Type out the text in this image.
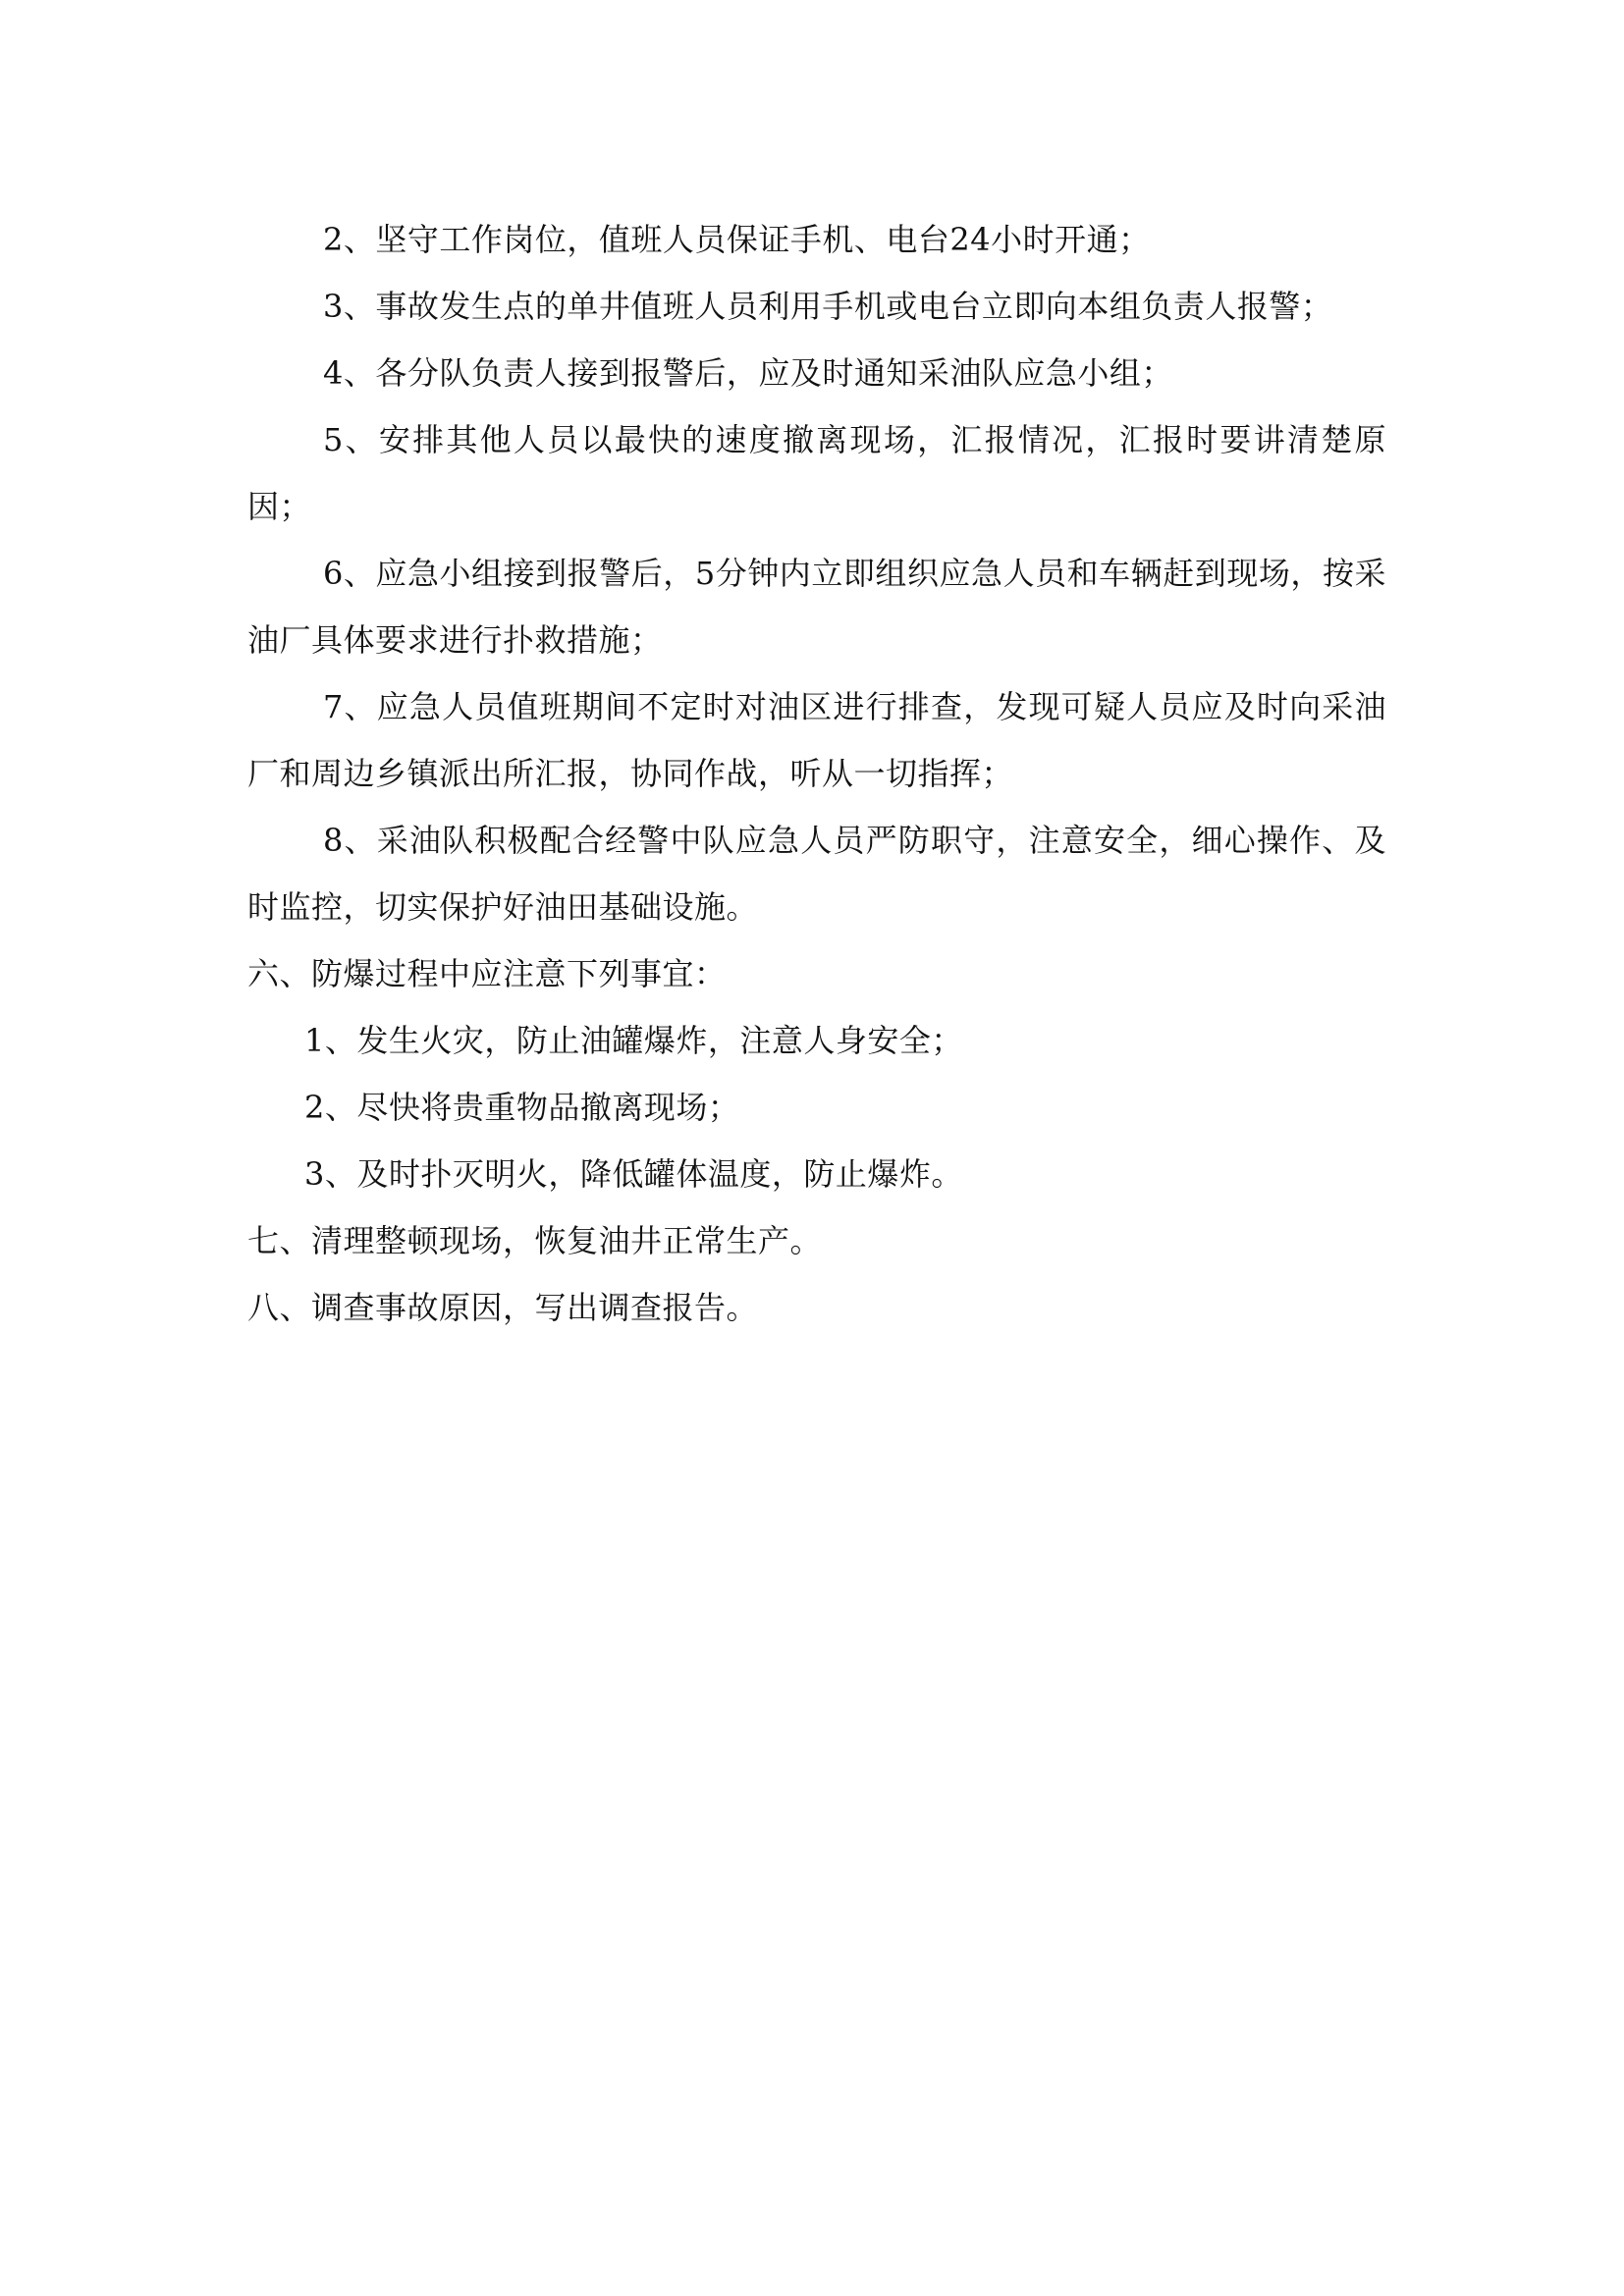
2、坚守工作岗位，值班人员保证手机、电台24小时开通；

3、事故发生点的单井值班人员利用手机或电台立即向本组负责人报警；

4、各分队负责人接到报警后，应及时通知采油队应急小组；

5、安排其他人员以最快的速度撤离现场，汇报情况，汇报时要讲清楚原因；

6、应急小组接到报警后，5分钟内立即组织应急人员和车辆赶到现场，按采油厂具体要求进行扑救措施；

7、应急人员值班期间不定时对油区进行排查，发现可疑人员应及时向采油厂和周边乡镇派出所汇报，协同作战，听从一切指挥；

8、采油队积极配合经警中队应急人员严防职守，注意安全，细心操作、及时监控，切实保护好油田基础设施。

六、防爆过程中应注意下列事宜：

1、发生火灾，防止油罐爆炸，注意人身安全；

2、尽快将贵重物品撤离现场；

3、及时扑灭明火，降低罐体温度，防止爆炸。

七、清理整顿现场，恢复油井正常生产。

八、调查事故原因，写出调查报告。
